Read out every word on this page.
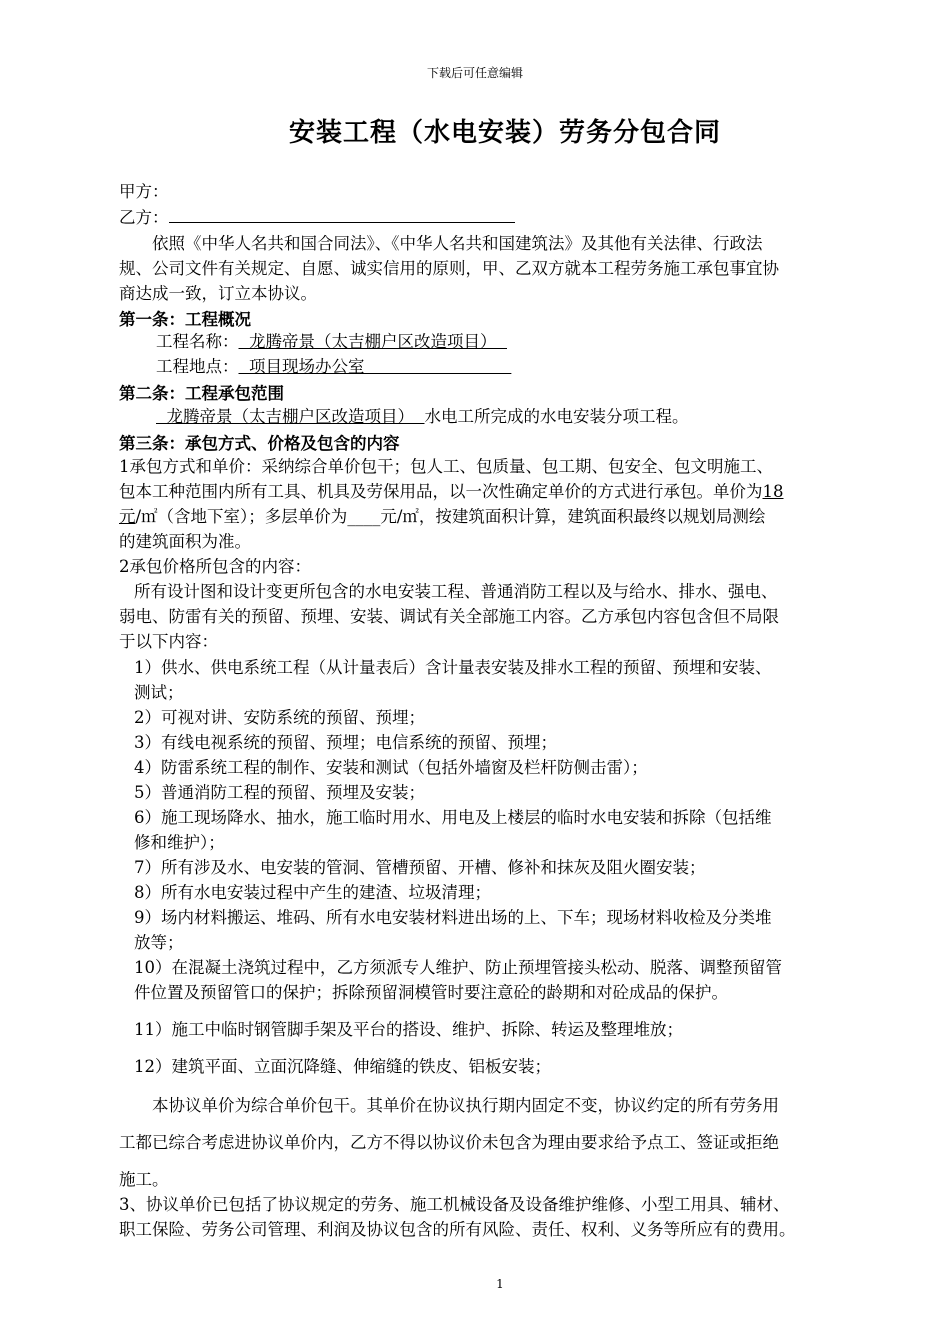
下载后可任意编辑
安装工程（水电安装）劳务分包合同
甲方：
乙方：
依照《中华人名共和国合同法》、《中华人名共和国建筑法》及其他有关法律、行政法
规、公司文件有关规定、自愿、诚实信用的原则，甲、乙双方就本工程劳务施工承包事宜协
商达成一致，订立本协议。
第一条：工程概况
工程名称： 龙腾帝景（太吉棚户区改造项目）
工程地点： 项目现场办公室
第二条：工程承包范围
龙腾帝景（太吉棚户区改造项目） 水电工所完成的水电安装分项工程。
第三条：承包方式、价格及包含的内容
1承包方式和单价：采纳综合单价包干；包人工、包质量、包工期、包安全、包文明施工、
包本工种范围内所有工具、机具及劳保用品，以一次性确定单价的方式进行承包。单价为18
元/㎡（含地下室）；多层单价为____元/㎡，按建筑面积计算，建筑面积最终以规划局测绘
的建筑面积为准。
2承包价格所包含的内容：
所有设计图和设计变更所包含的水电安装工程、普通消防工程以及与给水、排水、强电、
弱电、防雷有关的预留、预埋、安装、调试有关全部施工内容。乙方承包内容包含但不局限
于以下内容：
1）供水、供电系统工程（从计量表后）含计量表安装及排水工程的预留、预埋和安装、
测试；
2）可视对讲、安防系统的预留、预埋；
3）有线电视系统的预留、预埋；电信系统的预留、预埋；
4）防雷系统工程的制作、安装和测试（包括外墙窗及栏杆防侧击雷）；
5）普通消防工程的预留、预埋及安装；
6）施工现场降水、抽水，施工临时用水、用电及上楼层的临时水电安装和拆除（包括维
修和维护）；
7）所有涉及水、电安装的管洞、管槽预留、开槽、修补和抹灰及阻火圈安装；
8）所有水电安装过程中产生的建渣、垃圾清理；
9）场内材料搬运、堆码、所有水电安装材料进出场的上、下车；现场材料收检及分类堆
放等；
10）在混凝土浇筑过程中，乙方须派专人维护、防止预埋管接头松动、脱落、调整预留管
件位置及预留管口的保护；拆除预留洞模管时要注意砼的龄期和对砼成品的保护。
11）施工中临时钢管脚手架及平台的搭设、维护、拆除、转运及整理堆放；
12）建筑平面、立面沉降缝、伸缩缝的铁皮、铝板安装；
本协议单价为综合单价包干。其单价在协议执行期内固定不变，协议约定的所有劳务用
工都已综合考虑进协议单价内，乙方不得以协议价未包含为理由要求给予点工、签证或拒绝
施工。
3、协议单价已包括了协议规定的劳务、施工机械设备及设备维护维修、小型工用具、辅材、
职工保险、劳务公司管理、利润及协议包含的所有风险、责任、权利、义务等所应有的费用。
1
